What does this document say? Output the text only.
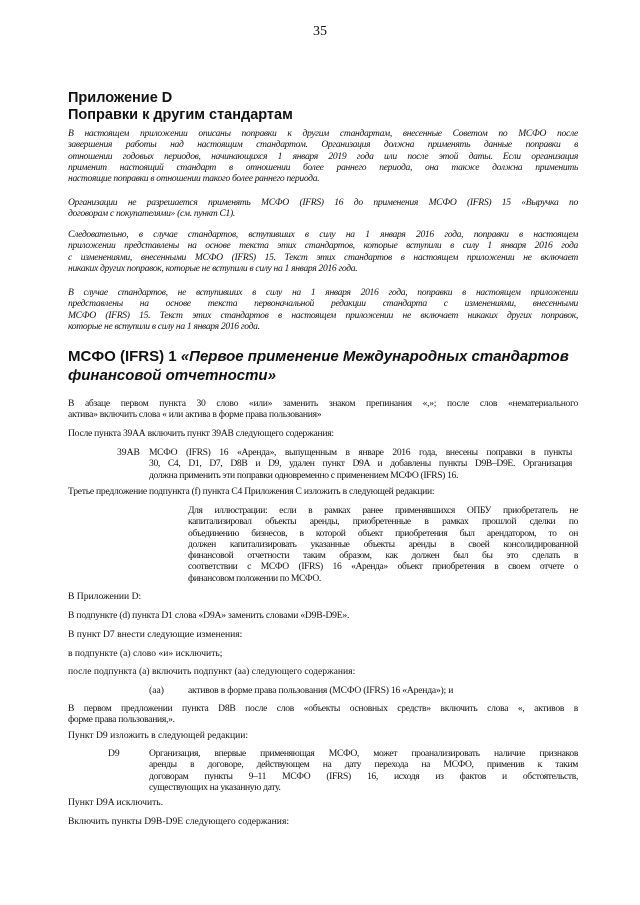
35
Приложение D
Поправки к другим стандартам
В настоящем приложении описаны поправки к другим стандартам, внесенные Советом по МСФО после
завершения работы над настоящим стандартом. Организация должна применять данные поправки в
отношении годовых периодов, начинающихся 1 января 2019 года или после этой даты. Если организация
применит настоящий стандарт в отношении более раннего периода, она также должна применить
настоящие поправки в отношении такого более раннего периода.
Организации не разрешается применять МСФО (IFRS) 16 до применения МСФО (IFRS) 15 «Выручка по
договорам с покупателями» (см. пункт С1).
Следовательно, в случае стандартов, вступивших в силу на 1 января 2016 года, поправки в настоящем
приложении представлены на основе текста этих стандартов, которые вступили в силу 1 января 2016 года
с изменениями, внесенными МСФО (IFRS) 15. Текст этих стандартов в настоящем приложении не включает
никаких других поправок, которые не вступили в силу на 1 января 2016 года.
В случае стандартов, не вступивших в силу на 1 января 2016 года, поправки в настоящем приложении
представлены на основе текста первоначальной редакции стандарта с изменениями, внесенными
МСФО (IFRS) 15. Текст этих стандартов в настоящем приложении не включает никаких других поправок,
которые не вступили в силу на 1 января 2016 года.
МСФО (IFRS) 1 «Первое применение Международных стандартов
финансовой отчетности»
В абзаце первом пункта 30 слово «или» заменить знаком препинания «,»; после слов «нематериального
актива» включить слова « или актива в форме права пользования»
После пункта 39АА включить пункт 39АВ следующего содержания:
39AB МСФО (IFRS) 16 «Аренда», выпущенным в январе 2016 года, внесены поправки в пункты
30, С4, D1, D7, D8B и D9, удален пункт D9A и добавлены пункты D9B–D9E. Организация
должна применить эти поправки одновременно с применением МСФО (IFRS) 16.
Третье предложение подпункта (f) пункта С4 Приложения С изложить в следующей редакции:
Для иллюстрации: если в рамках ранее применявшихся ОПБУ приобретатель не
капитализировал объекты аренды, приобретенные в рамках прошлой сделки по
объединению бизнесов, в которой объект приобретения был арендатором, то он
должен капитализировать указанные объекты аренды в своей консолидированной
финансовой отчетности таким образом, как должен был бы это сделать в
соответствии с МСФО (IFRS) 16 «Аренда» объект приобретения в своем отчете о
финансовом положении по МСФО.
В Приложении D:
В подпункте (d) пункта D1 слова «D9A» заменить словами «D9B-D9E».
В пункт D7 внести следующие изменения:
в подпункте (а) слово «и» исключить;
после подпункта (а) включить подпункт (аа) следующего содержания:
(aa)	активов в форме права пользования (МСФО (IFRS) 16 «Аренда»); и
В первом предложении пункта D8B после слов «объекты основных средств» включить слова «, активов в
форме права пользования,».
Пункт D9 изложить в следующей редакции:
D9	Организация, впервые применяющая МСФО, может проанализировать наличие признаков
аренды в договоре, действующем на дату перехода на МСФО, применив к таким
договорам пункты 9–11 МСФО (IFRS) 16, исходя из фактов и обстоятельств,
существующих на указанную дату.
Пункт D9A исключить.
Включить пункты D9B-D9E следующего содержания:
